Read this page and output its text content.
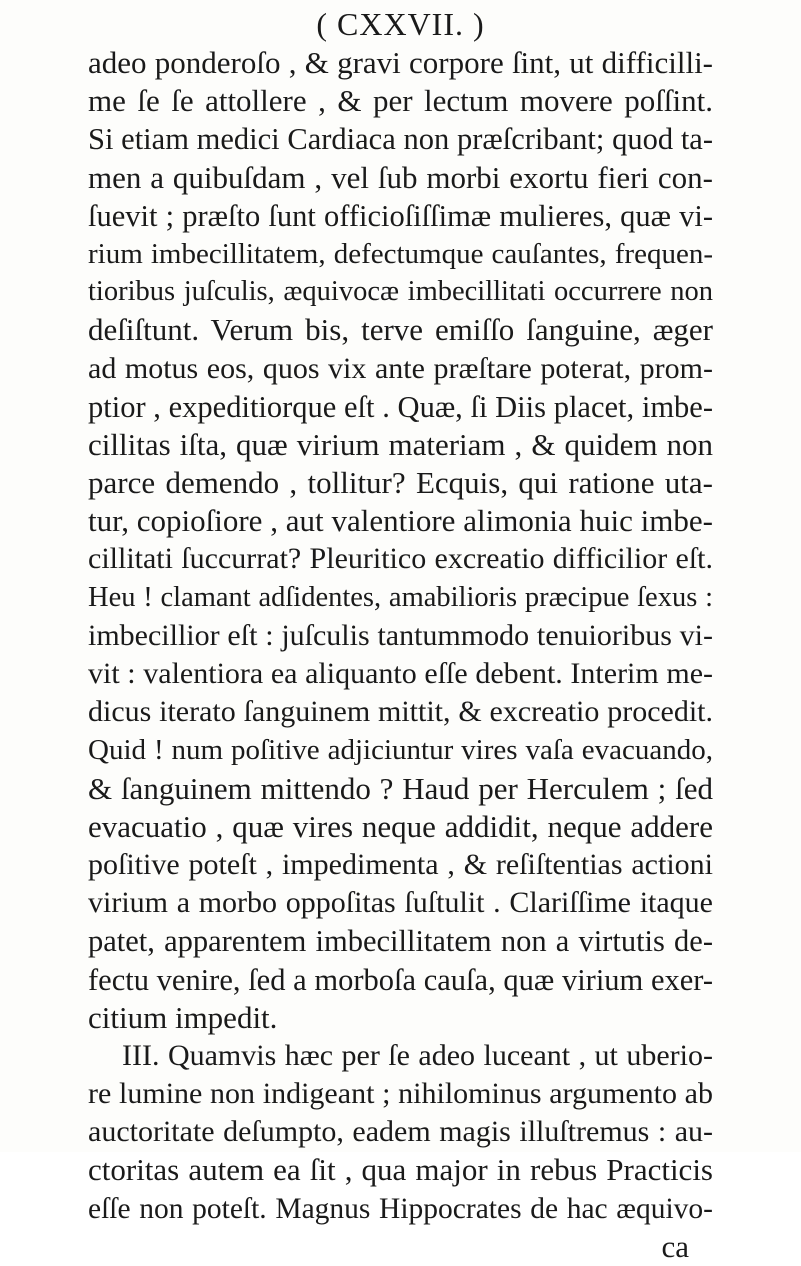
( CXXVII. )
adeo ponderoſo , & gravi corpore ſint, ut difficilli-
me ſe ſe attollere , & per lectum movere poſſint.
Si etiam medici Cardiaca non præſcribant; quod ta-
men a quibuſdam , vel ſub morbi exortu fieri con-
ſuevit ; præſto ſunt officioſiſſimæ mulieres, quæ vi-
rium imbecillitatem, defectumque cauſantes, frequen-
tioribus juſculis, æquivocæ imbecillitati occurrere non
deſiſtunt. Verum bis, terve emiſſo ſanguine, æger
ad motus eos, quos vix ante præſtare poterat, prom-
ptior , expeditiorque eſt . Quæ, ſi Diis placet, imbe-
cillitas iſta, quæ virium materiam , & quidem non
parce demendo , tollitur? Ecquis, qui ratione uta-
tur, copioſiore , aut valentiore alimonia huic imbe-
cillitati ſuccurrat? Pleuritico excreatio difficilior eſt.
Heu ! clamant adſidentes, amabilioris præcipue ſexus :
imbecillior eſt : juſculis tantummodo tenuioribus vi-
vit : valentiora ea aliquanto eſſe debent. Interim me-
dicus iterato ſanguinem mittit, & excreatio procedit.
Quid ! num poſitive adjiciuntur vires vaſa evacuando,
& ſanguinem mittendo ? Haud per Herculem ; ſed
evacuatio , quæ vires neque addidit, neque addere
poſitive poteſt , impedimenta , & reſiſtentias actioni
virium a morbo oppoſitas ſuſtulit . Clariſſime itaque
patet, apparentem imbecillitatem non a virtutis de-
fectu venire, ſed a morboſa cauſa, quæ virium exer-
citium impedit.
III. Quamvis hæc per ſe adeo luceant , ut uberio-
re lumine non indigeant ; nihilominus argumento ab
auctoritate deſumpto, eadem magis illuſtremus : au-
ctoritas autem ea ſit , qua major in rebus Practicis
eſſe non poteſt. Magnus Hippocrates de hac æquivo-
ca
